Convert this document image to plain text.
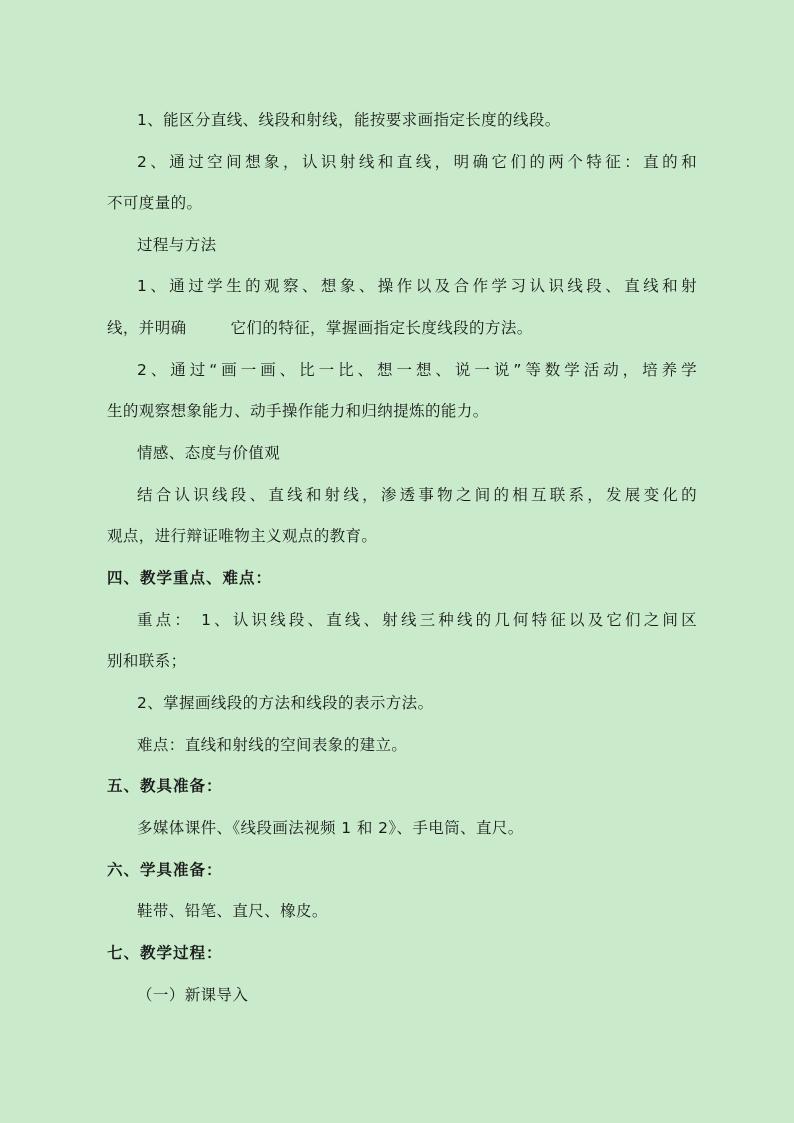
1、能区分直线、线段和射线，能按要求画指定长度的线段。
2、通过空间想象，认识射线和直线，明确它们的两个特征：直的和
不可度量的。
过程与方法
1、通过学生的观察、想象、操作以及合作学习认识线段、直线和射
线，并明确	它们的特征，掌握画指定长度线段的方法。
2、通过“画一画、比一比、想一想、说一说”等数学活动，培养学
生的观察想象能力、动手操作能力和归纳提炼的能力。
情感、态度与价值观
结合认识线段、直线和射线，渗透事物之间的相互联系，发展变化的
观点，进行辩证唯物主义观点的教育。
四、教学重点、难点：
重点： 1、认识线段、直线、射线三种线的几何特征以及它们之间区
别和联系；
2、掌握画线段的方法和线段的表示方法。
难点：直线和射线的空间表象的建立。
五、教具准备：
多媒体课件、《线段画法视频 1 和 2》、手电筒、直尺。
六、学具准备：
鞋带、铅笔、直尺、橡皮。
七、教学过程：
（一）新课导入
